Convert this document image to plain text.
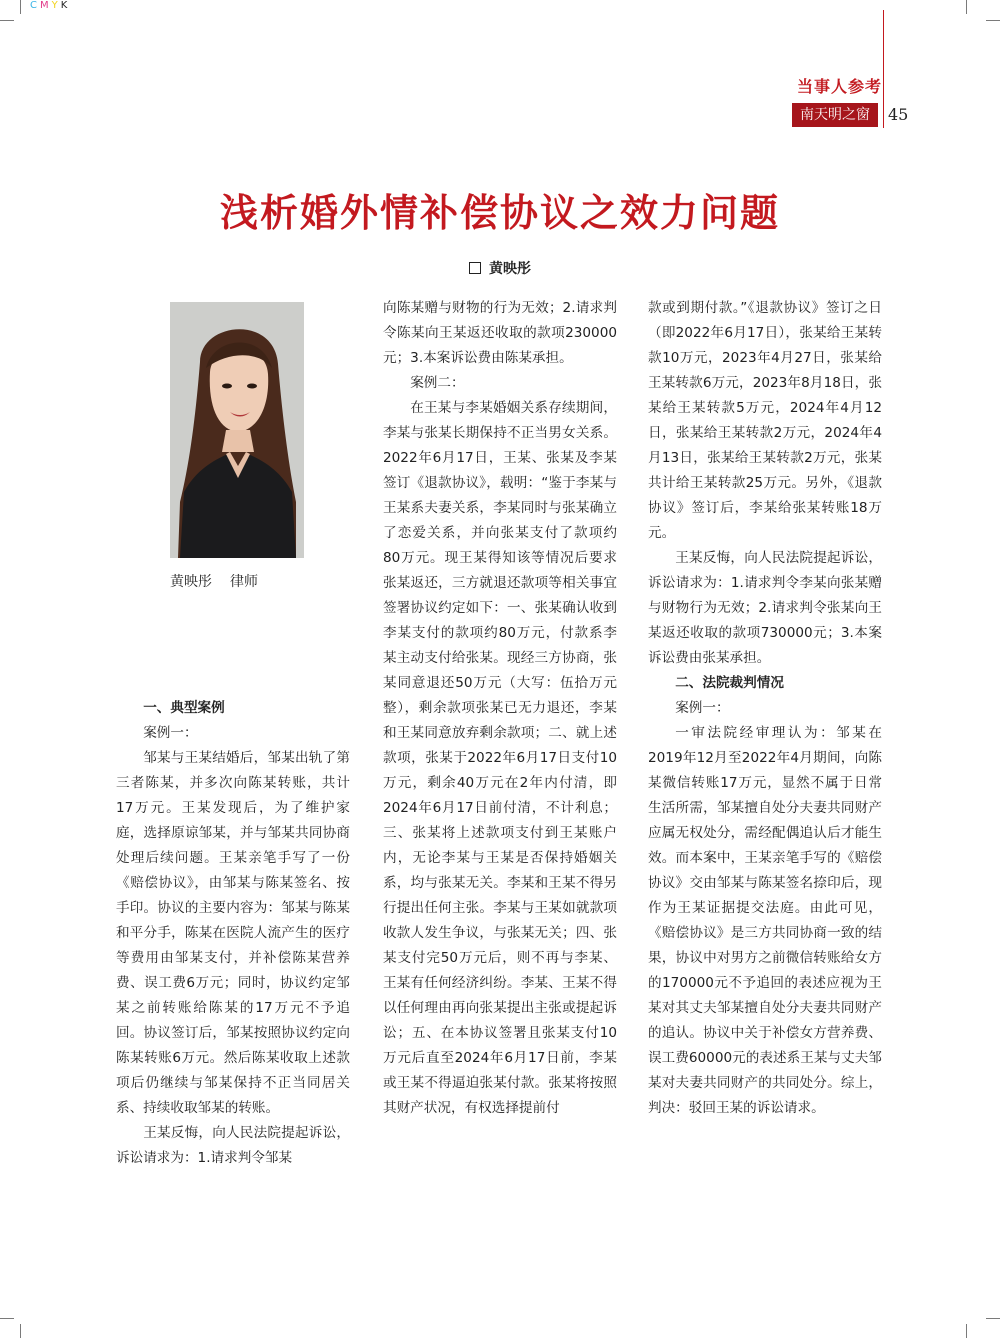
CMYK
当事人参考
南天明之窗	45
浅析婚外情补偿协议之效力问题
黄映彤
黄映彤 律师

一、典型案例

案例一：

邹某与王某结婚后，邹某出轨了第三者陈某，并多次向陈某转账，共计17万元。王某发现后，为了维护家庭，选择原谅邹某，并与邹某共同协商处理后续问题。王某亲笔手写了一份《赔偿协议》，由邹某与陈某签名、按手印。协议的主要内容为：邹某与陈某和平分手，陈某在医院人流产生的医疗等费用由邹某支付，并补偿陈某营养费、误工费6万元；同时，协议约定邹某之前转账给陈某的17万元不予追回。协议签订后，邹某按照协议约定向陈某转账6万元。然后陈某收取上述款项后仍继续与邹某保持不正当同居关系、持续收取邹某的转账。

王某反悔，向人民法院提起诉讼，诉讼请求为：1.请求判令邹某

向陈某赠与财物的行为无效；2.请求判令陈某向王某返还收取的款项230000元；3.本案诉讼费由陈某承担。

案例二：

在王某与李某婚姻关系存续期间，李某与张某长期保持不正当男女关系。2022年6月17日，王某、张某及李某签订《退款协议》，载明：“鉴于李某与王某系夫妻关系，李某同时与张某确立了恋爱关系，并向张某支付了款项约80万元。现王某得知该等情况后要求张某返还，三方就退还款项等相关事宜签署协议约定如下：一、张某确认收到李某支付的款项约80万元，付款系李某主动支付给张某。现经三方协商，张某同意退还50万元（大写：伍拾万元整），剩余款项张某已无力退还，李某和王某同意放弃剩余款项；二、就上述款项，张某于2022年6月17日支付10万元，剩余40万元在2年内付清，即2024年6月17日前付清，不计利息；三、张某将上述款项支付到王某账户内，无论李某与王某是否保持婚姻关系，均与张某无关。李某和王某不得另行提出任何主张。李某与王某如就款项收款人发生争议，与张某无关；四、张某支付完50万元后，则不再与李某、王某有任何经济纠纷。李某、王某不得以任何理由再向张某提出主张或提起诉讼；五、在本协议签署且张某支付10万元后直至2024年6月17日前，李某或王某不得逼迫张某付款。张某将按照其财产状况，有权选择提前付

款或到期付款。”《退款协议》签订之日（即2022年6月17日），张某给王某转款10万元，2023年4月27日，张某给王某转款6万元，2023年8月18日，张某给王某转款5万元，2024年4月12日，张某给王某转款2万元，2024年4月13日，张某给王某转款2万元，张某共计给王某转款25万元。另外，《退款协议》签订后，李某给张某转账18万元。

王某反悔，向人民法院提起诉讼，诉讼请求为：1.请求判令李某向张某赠与财物行为无效；2.请求判令张某向王某返还收取的款项730000元；3.本案诉讼费由张某承担。

二、法院裁判情况

案例一：

一审法院经审理认为：邹某在2019年12月至2022年4月期间，向陈某微信转账17万元，显然不属于日常生活所需，邹某擅自处分夫妻共同财产应属无权处分，需经配偶追认后才能生效。而本案中，王某亲笔手写的《赔偿协议》交由邹某与陈某签名捺印后，现作为王某证据提交法庭。由此可见，《赔偿协议》是三方共同协商一致的结果，协议中对男方之前微信转账给女方的170000元不予追回的表述应视为王某对其丈夫邹某擅自处分夫妻共同财产的追认。协议中关于补偿女方营养费、误工费60000元的表述系王某与丈夫邹某对夫妻共同财产的共同处分。综上，判决：驳回王某的诉讼请求。
